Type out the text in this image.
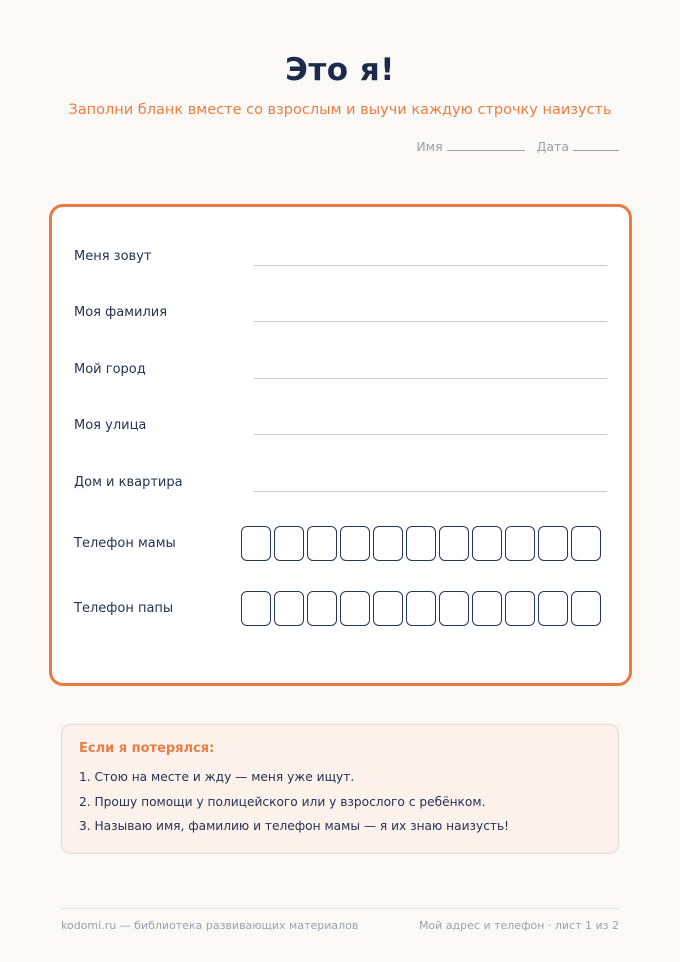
Это я!
Заполни бланк вместе со взрослым и выучи каждую строчку наизусть
Имя	Дата
Меня зовут
Моя фамилия
Мой город
Моя улица
Дом и квартира
Телефон мамы
Телефон папы
Если я потерялся:
1. Стою на месте и жду — меня уже ищут.
2. Прошу помощи у полицейского или у взрослого с ребёнком.
3. Называю имя, фамилию и телефон мамы — я их знаю наизусть!
kodomi.ru — библиотека развивающих материалов	Мой адрес и телефон · лист 1 из 2
